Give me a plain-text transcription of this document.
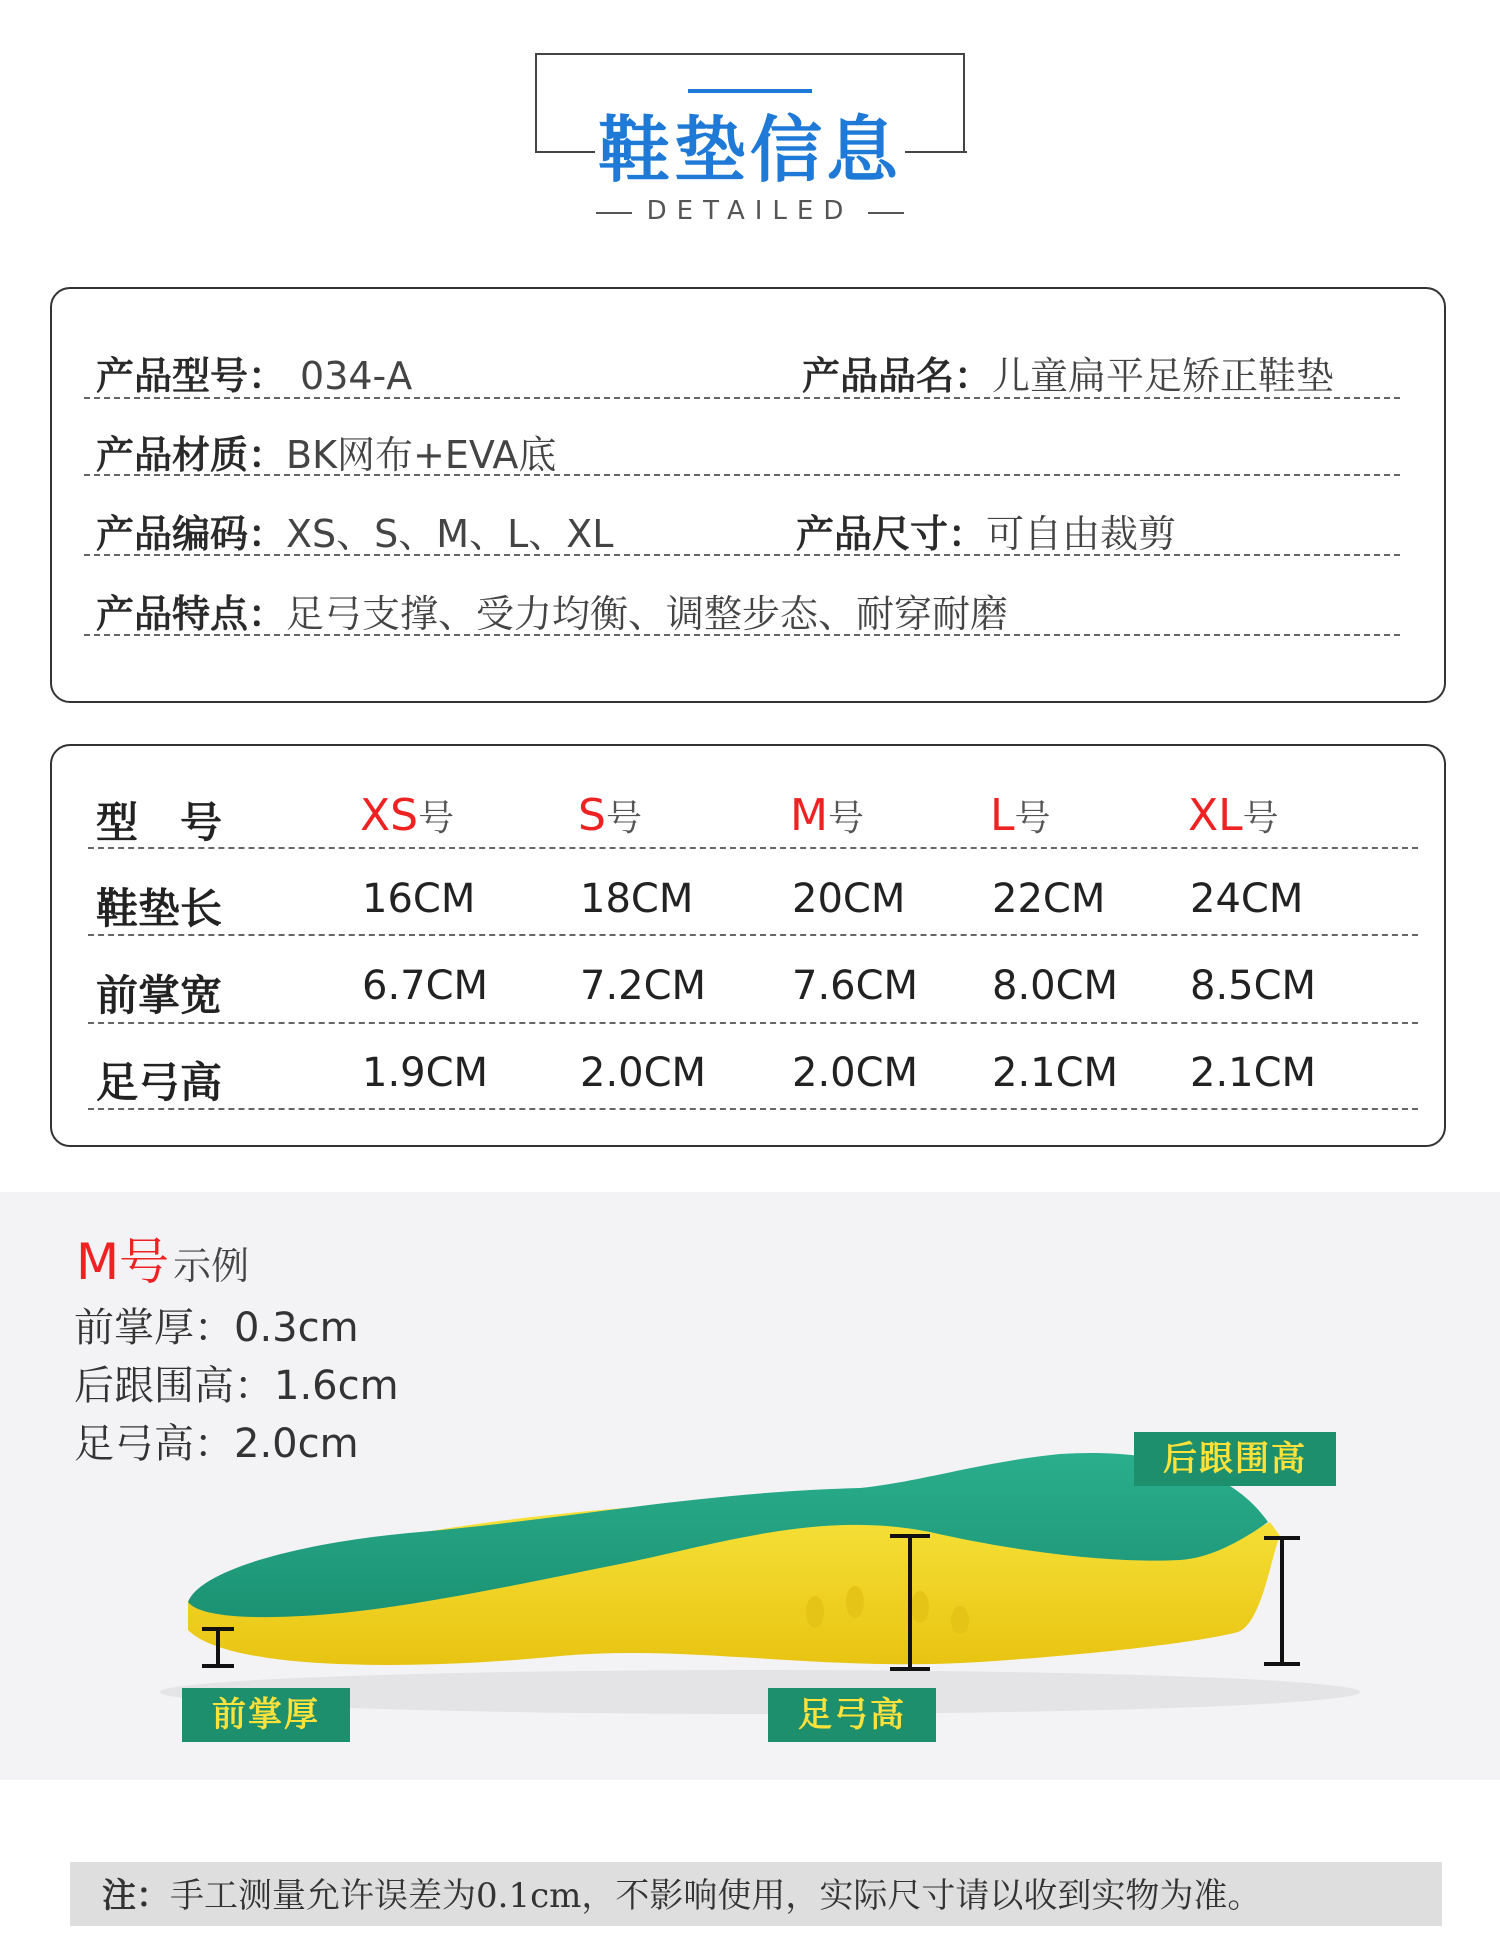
鞋垫信息
DETAILED
产品型号： 034-A	产品品名：儿童扁平足矫正鞋垫
产品材质：BK网布+EVA底
产品编码：XS、S、M、L、XL	产品尺寸：可自由裁剪
产品特点：足弓支撑、受力均衡、调整步态、耐穿耐磨
型　号	XS号	S号	M号	L号	XL号
鞋垫长	16CM	18CM 20CM 22CM 24CM
前掌宽	6.7CM 7.2CM 7.6CM 8.0CM 8.5CM
足弓高	1.9CM 2.0CM 2.0CM 2.1CM 2.1CM
M号 示例
前掌厚：0.3cm
后跟围高：1.6cm
足弓高：2.0cm	后跟围高
前掌厚	足弓高
注：手工测量允许误差为0.1cm，不影响使用，实际尺寸请以收到实物为准。
